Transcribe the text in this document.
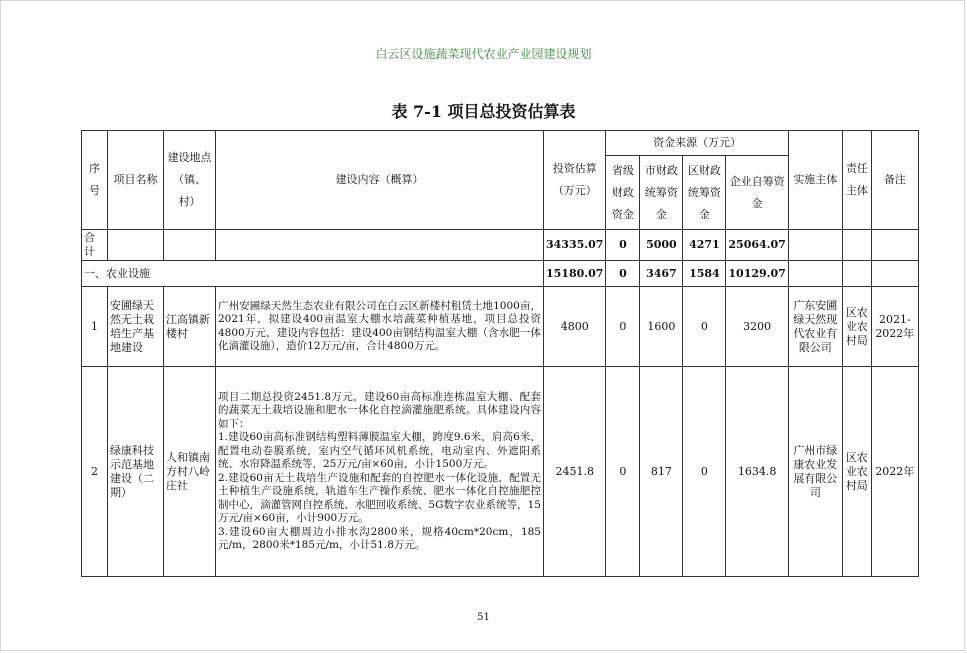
白云区设施蔬菜现代农业产业园建设规划
表 7-1 项目总投资估算表
序号	项目名称	建设地点（镇、村）	建设内容（概算）	投资估算（万元）	资金来源（万元）				实施主体	责任主体	备注
					省级财政资金	市财政统筹资金	区财政统筹资金	企业自筹资金			
合计				34335.07	0	5000	4271	25064.07			
一、农业设施				15180.07	0	3467	1584	10129.07			
1	安圃绿天然无土栽培生产基地建设	江高镇新楼村	广州安圃绿天然生态农业有限公司在白云区新楼村租赁土地1000亩，2021年，拟建设400亩温室大棚水培蔬菜种植基地，项目总投资4800万元，建设内容包括：建设400亩钢结构温室大棚（含水肥一体化滴灌设施），造价12万元/亩，合计4800万元。	4800	0	1600	0	3200	广东安圃绿天然现代农业有限公司	区农业农村局	2021-2022年
2	绿康科技示范基地建设（二期）	人和镇南方村八岭庄社	项目二期总投资2451.8万元，建设60亩高标准连栋温室大棚、配套的蔬菜无土栽培设施和肥水一体化自控滴灌施肥系统。具体建设内容如下：
1.建设60亩高标准钢结构塑料薄膜温室大棚，跨度9.6米，肩高6米，配置电动卷膜系统，室内空气循环风机系统，电动室内、外遮阳系统、水帘降温系统等，25万元/亩×60亩，小计1500万元。
2.建设60亩无土栽培生产设施和配套的自控肥水一体化设施，配置无土种植生产设施系统，轨道车生产操作系统、肥水一体化自控施肥控制中心，滴灌管网自控系统、水肥回收系统、5G数字农业系统等，15万元/亩×60亩，小计900万元。
3.建设60亩大棚周边小排水沟2800米，规格40cm*20cm，185元/m，2800米*185元/m，小计51.8万元。	2451.8	0	817	0	1634.8	广州市绿康农业发展有限公司	区农业农村局	2022年
51
